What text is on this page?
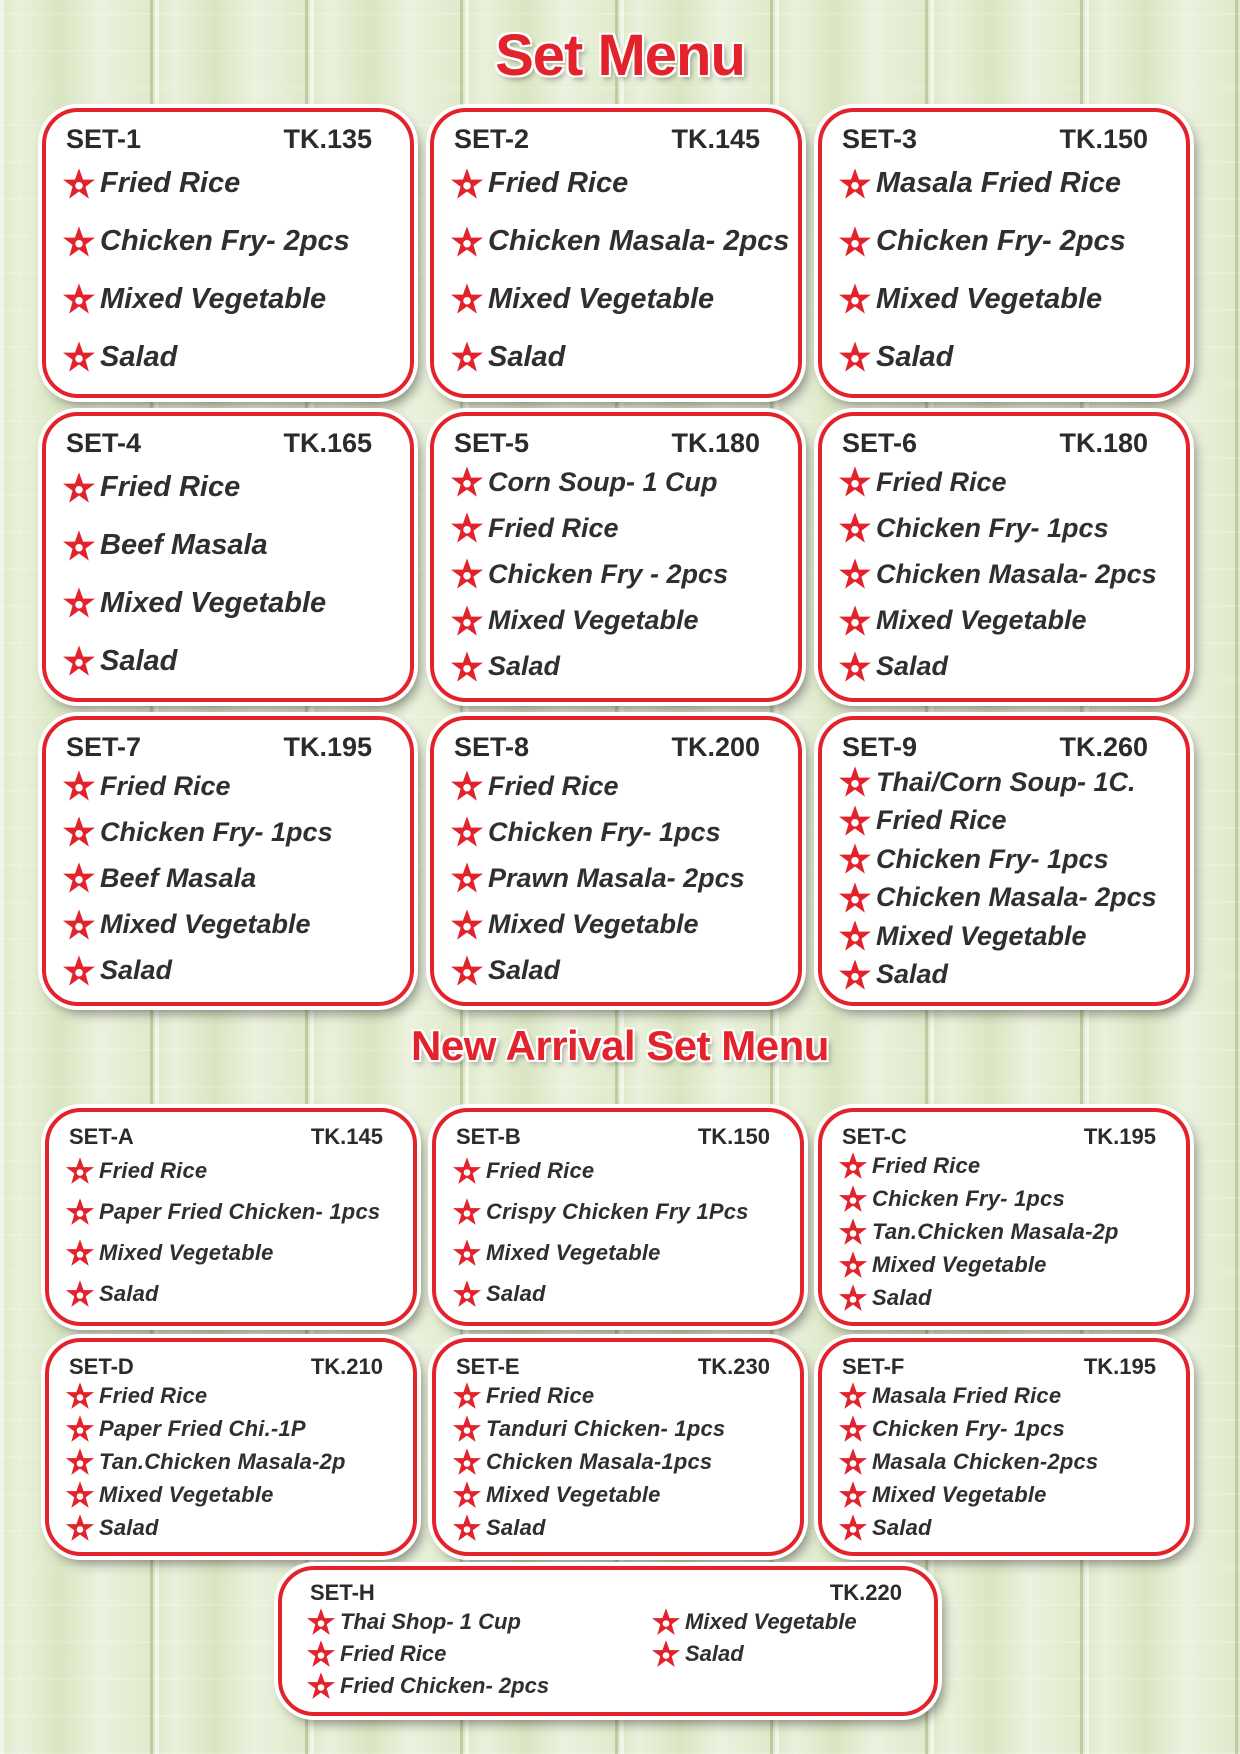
Set Menu
New Arrival Set Menu
SET-1	TK.135
Fried Rice
Chicken Fry- 2pcs
Mixed Vegetable
Salad
SET-2	TK.145
Fried Rice
Chicken Masala- 2pcs
Mixed Vegetable
Salad
SET-3	TK.150
Masala Fried Rice
Chicken Fry- 2pcs
Mixed Vegetable
Salad
SET-4	TK.165
Fried Rice
Beef Masala
Mixed Vegetable
Salad
SET-5	TK.180
Corn Soup- 1 Cup
Fried Rice
Chicken Fry - 2pcs
Mixed Vegetable
Salad
SET-6	TK.180
Fried Rice
Chicken Fry- 1pcs
Chicken Masala- 2pcs
Mixed Vegetable
Salad
SET-7	TK.195
Fried Rice
Chicken Fry- 1pcs
Beef Masala
Mixed Vegetable
Salad
SET-8	TK.200
Fried Rice
Chicken Fry- 1pcs
Prawn Masala- 2pcs
Mixed Vegetable
Salad
SET-9	TK.260
Thai/Corn Soup- 1C.
Fried Rice
Chicken Fry- 1pcs
Chicken Masala- 2pcs
Mixed Vegetable
Salad
SET-A	TK.145
Fried Rice
Paper Fried Chicken- 1pcs
Mixed Vegetable
Salad
SET-B	TK.150
Fried Rice
Crispy Chicken Fry 1Pcs
Mixed Vegetable
Salad
SET-C	TK.195
Fried Rice
Chicken Fry- 1pcs
Tan.Chicken Masala-2p
Mixed Vegetable
Salad
SET-D	TK.210
Fried Rice
Paper Fried Chi.-1P
Tan.Chicken Masala-2p
Mixed Vegetable
Salad
SET-E	TK.230
Fried Rice
Tanduri Chicken- 1pcs
Chicken Masala-1pcs
Mixed Vegetable
Salad
SET-F	TK.195
Masala Fried Rice
Chicken Fry- 1pcs
Masala Chicken-2pcs
Mixed Vegetable
Salad
SET-H	TK.220
Thai Shop- 1 Cup
Fried Rice
Fried Chicken- 2pcs
Mixed Vegetable
Salad
